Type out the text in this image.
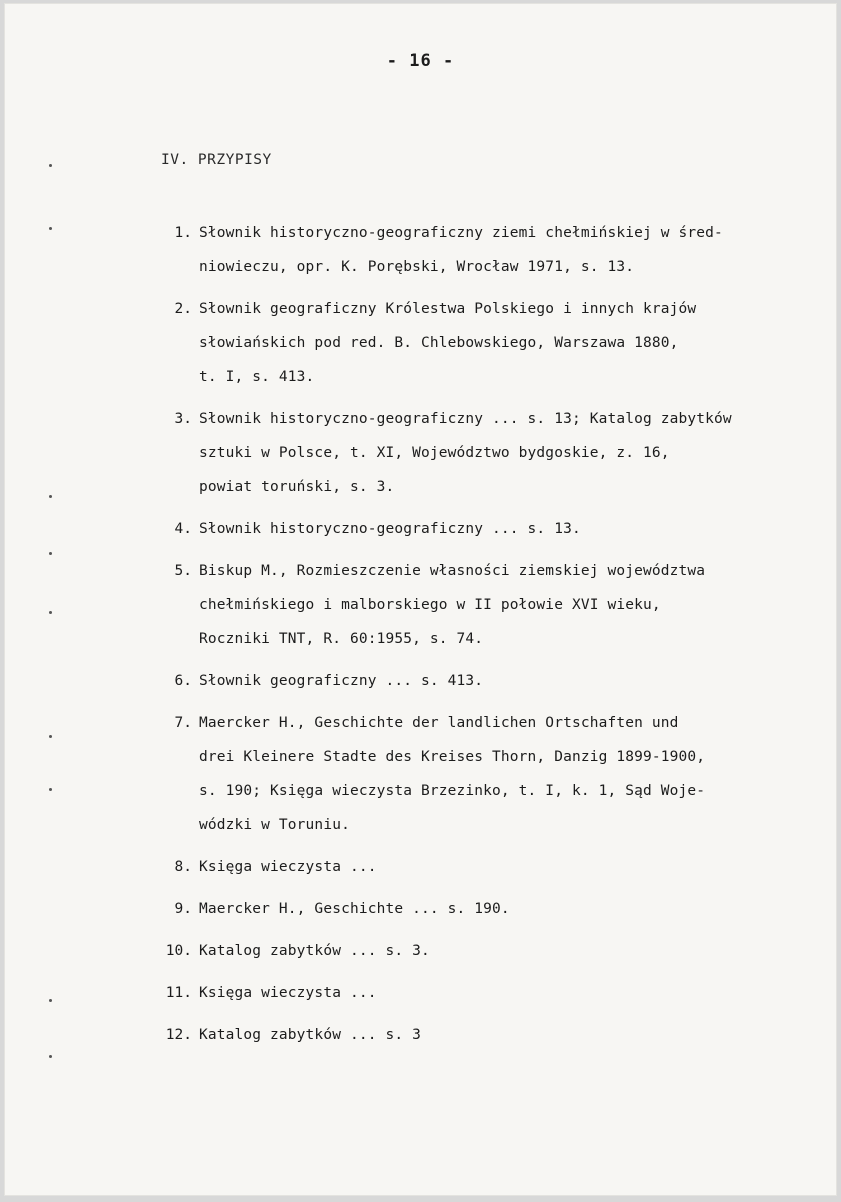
- 16 -
IV. PRZYPISY
1. Słownik historyczno-geograficzny ziemi chełmińskiej w śred-
niowieczu, opr. K. Porębski, Wrocław 1971, s. 13.
2. Słownik geograficzny Królestwa Polskiego i innych krajów
słowiańskich pod red. B. Chlebowskiego, Warszawa 1880,
t. I, s. 413.
3. Słownik historyczno-geograficzny ... s. 13; Katalog zabytków
sztuki w Polsce, t. XI, Województwo bydgoskie, z. 16,
powiat toruński, s. 3.
4. Słownik historyczno-geograficzny ... s. 13.
5. Biskup M., Rozmieszczenie własności ziemskiej województwa
chełmińskiego i malborskiego w II połowie XVI wieku,
Roczniki TNT, R. 60:1955, s. 74.
6. Słownik geograficzny ... s. 413.
7. Maercker H., Geschichte der landlichen Ortschaften und
drei Kleinere Stadte des Kreises Thorn, Danzig 1899-1900,
s. 190; Księga wieczysta Brzezinko, t. I, k. 1, Sąd Woje-
wódzki w Toruniu.
8. Księga wieczysta ...
9. Maercker H., Geschichte ... s. 190.
10. Katalog zabytków ... s. 3.
11. Księga wieczysta ...
12. Katalog zabytków ... s. 3
